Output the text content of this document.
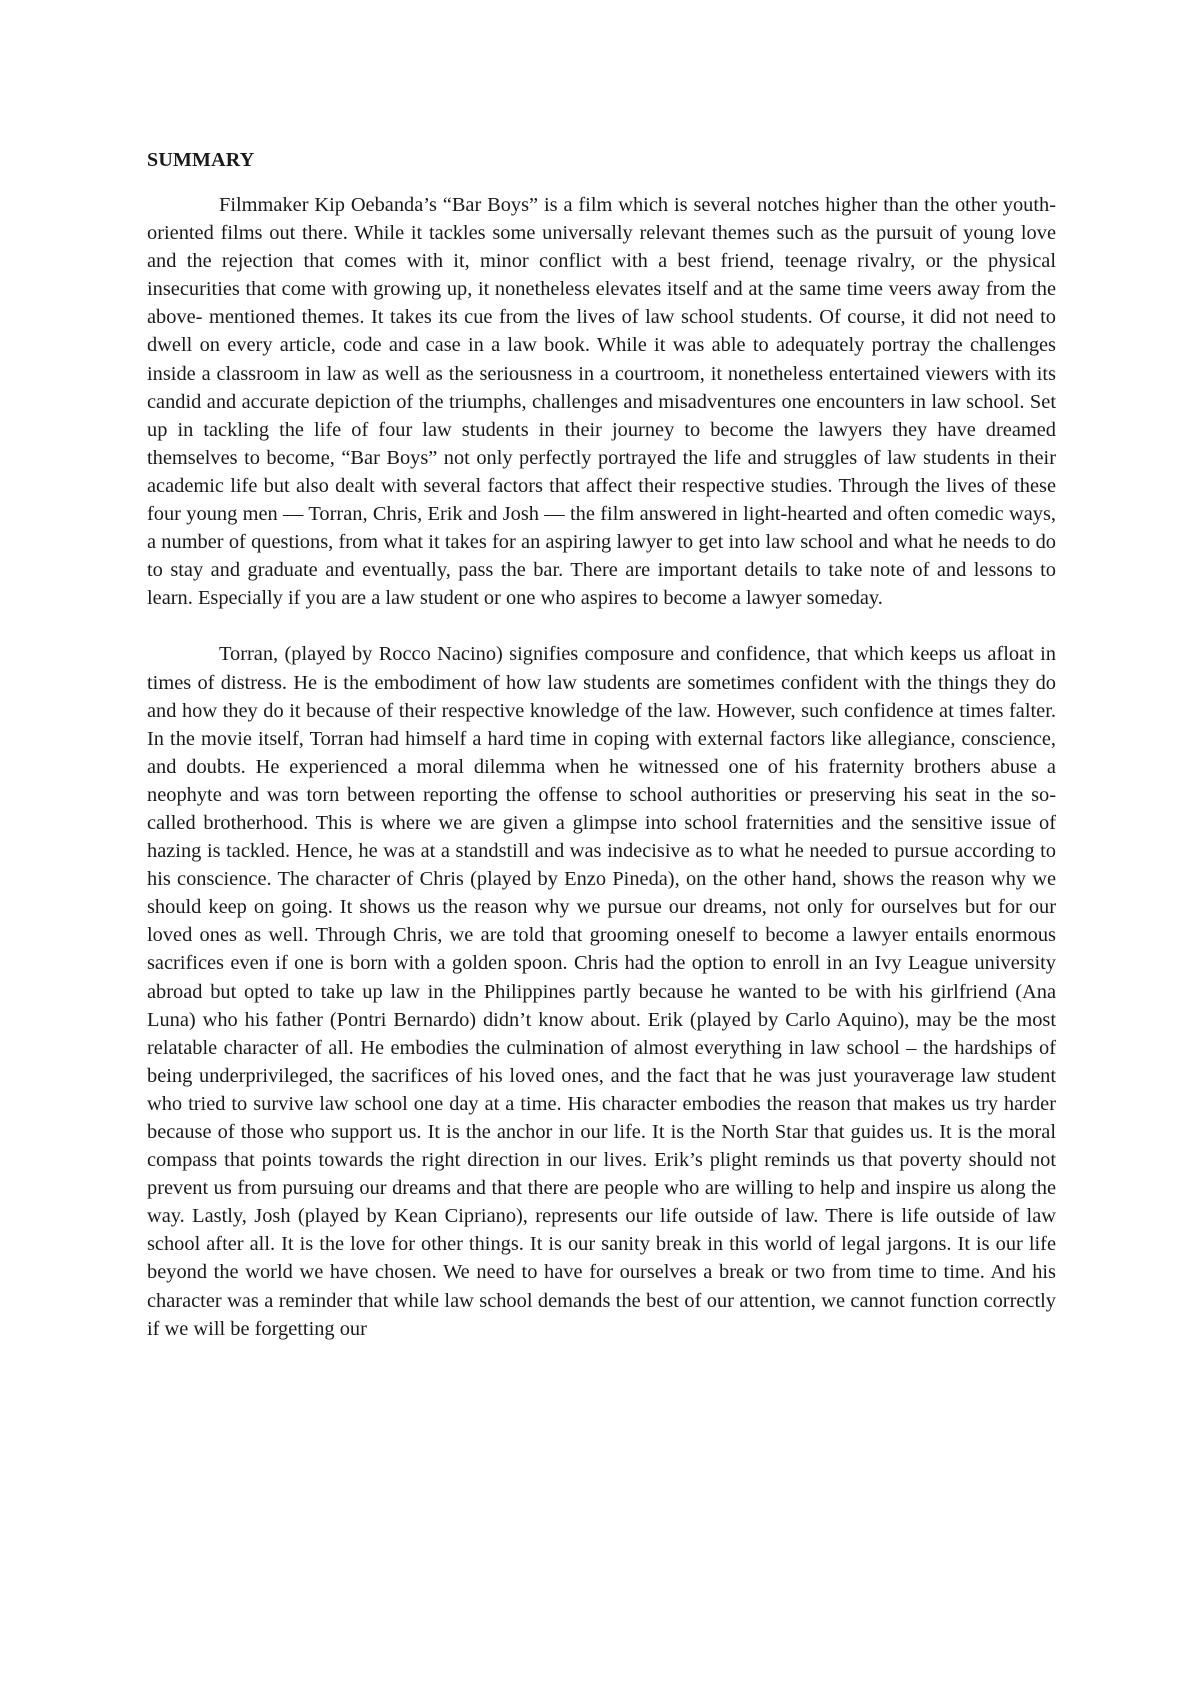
SUMMARY

Filmmaker Kip Oebanda’s “Bar Boys” is a film which is several notches higher than the other youth-oriented films out there. While it tackles some universally relevant themes such as the pursuit of young love and the rejection that comes with it, minor conflict with a best friend, teenage rivalry, or the physical insecurities that come with growing up, it nonetheless elevates itself and at the same time veers away from the above- mentioned themes. It takes its cue from the lives of law school students. Of course, it did not need to dwell on every article, code and case in a law book. While it was able to adequately portray the challenges inside a classroom in law as well as the seriousness in a courtroom, it nonetheless entertained viewers with its candid and accurate depiction of the triumphs, challenges and misadventures one encounters in law school. Set up in tackling the life of four law students in their journey to become the lawyers they have dreamed themselves to become, “Bar Boys” not only perfectly portrayed the life and struggles of law students in their academic life but also dealt with several factors that affect their respective studies. Through the lives of these four young men — Torran, Chris, Erik and Josh — the film answered in light-hearted and often comedic ways, a number of questions, from what it takes for an aspiring lawyer to get into law school and what he needs to do to stay and graduate and eventually, pass the bar. There are important details to take note of and lessons to learn. Especially if you are a law student or one who aspires to become a lawyer someday.

Torran, (played by Rocco Nacino) signifies composure and confidence, that which keeps us afloat in times of distress. He is the embodiment of how law students are sometimes confident with the things they do and how they do it because of their respective knowledge of the law. However, such confidence at times falter. In the movie itself, Torran had himself a hard time in coping with external factors like allegiance, conscience, and doubts. He experienced a moral dilemma when he witnessed one of his fraternity brothers abuse a neophyte and was torn between reporting the offense to school authorities or preserving his seat in the so-called brotherhood. This is where we are given a glimpse into school fraternities and the sensitive issue of hazing is tackled. Hence, he was at a standstill and was indecisive as to what he needed to pursue according to his conscience. The character of Chris (played by Enzo Pineda), on the other hand, shows the reason why we should keep on going. It shows us the reason why we pursue our dreams, not only for ourselves but for our loved ones as well. Through Chris, we are told that grooming oneself to become a lawyer entails enormous sacrifices even if one is born with a golden spoon. Chris had the option to enroll in an Ivy League university abroad but opted to take up law in the Philippines partly because he wanted to be with his girlfriend (Ana Luna) who his father (Pontri Bernardo) didn’t know about. Erik (played by Carlo Aquino), may be the most relatable character of all. He embodies the culmination of almost everything in law school – the hardships of being underprivileged, the sacrifices of his loved ones, and the fact that he was just youraverage law student who tried to survive law school one day at a time. His character embodies the reason that makes us try harder because of those who support us. It is the anchor in our life. It is the North Star that guides us. It is the moral compass that points towards the right direction in our lives. Erik’s plight reminds us that poverty should not prevent us from pursuing our dreams and that there are people who are willing to help and inspire us along the way. Lastly, Josh (played by Kean Cipriano), represents our life outside of law. There is life outside of law school after all. It is the love for other things. It is our sanity break in this world of legal jargons. It is our life beyond the world we have chosen. We need to have for ourselves a break or two from time to time. And his character was a reminder that while law school demands the best of our attention, we cannot function correctly if we will be forgetting our
